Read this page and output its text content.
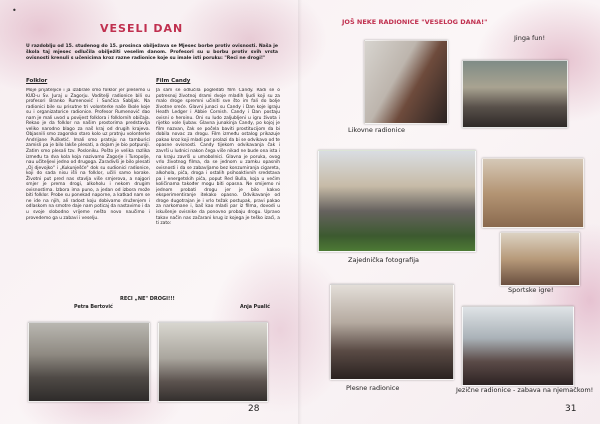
•
VESELI DAN
U razdoblju od 15. studenog do 15. prosinca obilježava se Mjesec borbe protiv ovisnosti. Naša je škola taj mjesec odlučila obilježiti veselim danom. Profesori su u borbu protiv svih vrsta ovisnosti krenuli s učenicima kroz razne radionice koje su imale isti poruku: "Reci ne drogi!"
Folklor

Moje prijateljice i ja izabrale smo folklor jer plešemo u KUD-u Sv. Juraj u Zagorju. Voditelji radionice bili su profesori Branko Rumenović i Sunčica Sabljak. Na radionici bile su prisutne tri volonterke naše škole koje su i organizatorice radionice. Profesor Rumenović dao nam je mali uvod u povijest folklora i folklornih običaja. Rekao je da folklor na našim prostorima predstavlja veliko narodno blago za naš kraj od drugih krajeva. Objasnili smo zagorsko staro kolo uz pratnju volonterke Andrijane Pušketić. Imali smo pratnju na tamburici zamisli pa je bilo lakše plesati, a dojam je bio potpuniji. Zatim smo plesali tzv. Posloniku. Pošto je velika razlika između ta dva kola koja nazivamo Zagorje i Turopolje, nau učiteljevi jedno od drugoga. Zaradivši je bilo plesati „Oj djevojko" i „Kukunješće" dok su sudionici radionice, koji do sada nisu išli na folklor, učili samo korake. Životni put pred nas stavlja više smjerova, a najgori smjer je prema drogi, alkoholu i nekom drugim ovisnostima. Izbora ima puno, a jedan od izbora može biti folklor. Probe su ponekad naporne, a katkad nam se ne ide na njih, ali radost koju dobivamo druženjem i odlaskom na smotre daje nam poticaj da nastavimo i da u svoje slobodno vrijeme nešto novo naučimo i provedemo ga u zabavi i veselju.

Film Candy

Ja sam se odlučila pogledati film Candy. Radi se o potresnoj životnoj drami dvoje mladih ljudi koji su za malo droge spremni učiniti sve što im fali do bolje životne sreće. Glavni junaci su Candy i Dan koje igraju Heath Ledger i Abbie Cornish. Candy i Dan postaju ovisni o heroinu. Oni su ludo zaljubljeni u igru života i rijetko vole ljubav. Glavna junakinja Candy, po kojoj je film nazvan, čak se počela baviti prostitucijom da bi dobila novac za drogu. Film između ostalog prikazuje pakao kroz koji mladi par prolazi da bi se odvikavo od te opasne ovisnosti. Candy tijekom odvikavanja čak i završi u ludnici nakon čega više nikad ne bude ona ista i na kraju završi u umobolnici. Glavna je poruka, ovog vrlo životnog filma, da se jednom u zamku opasnih ovisnosti i da se zabavljamo bez konzumiranja cigareta, alkohola, pića, droga i ostalih psihoaktivnih sredstava pa i energetskih pića, poput Red Bulla, koja u većim količinama također mogu biti opasna. Ne smijemo ni jednom probati drogu jer je bilo kakvo eksperimentiranje itekako opasno. Odvikavanje od droge dugotrajan je i vrlo težak postupak, pravi pakao za narkomane i, baš kao mladi par iz filma, dovodi u iskušenje ovisnike da ponovno probaju drogu. Upravo takav način nas začarani krug iz kojega je teško izaći, a ti zato:

RECI „NE" DROGI!!!
Petra Bertović	Anja Pualić
28
JOŠ NEKE RADIONICE "VESELOG DANA!"
Jinga fun!
Likovne radionice
Zajednička fotografija
Sportske igre!
Plesne radionice	Jezične radionice - zabava na njemačkom!
31
